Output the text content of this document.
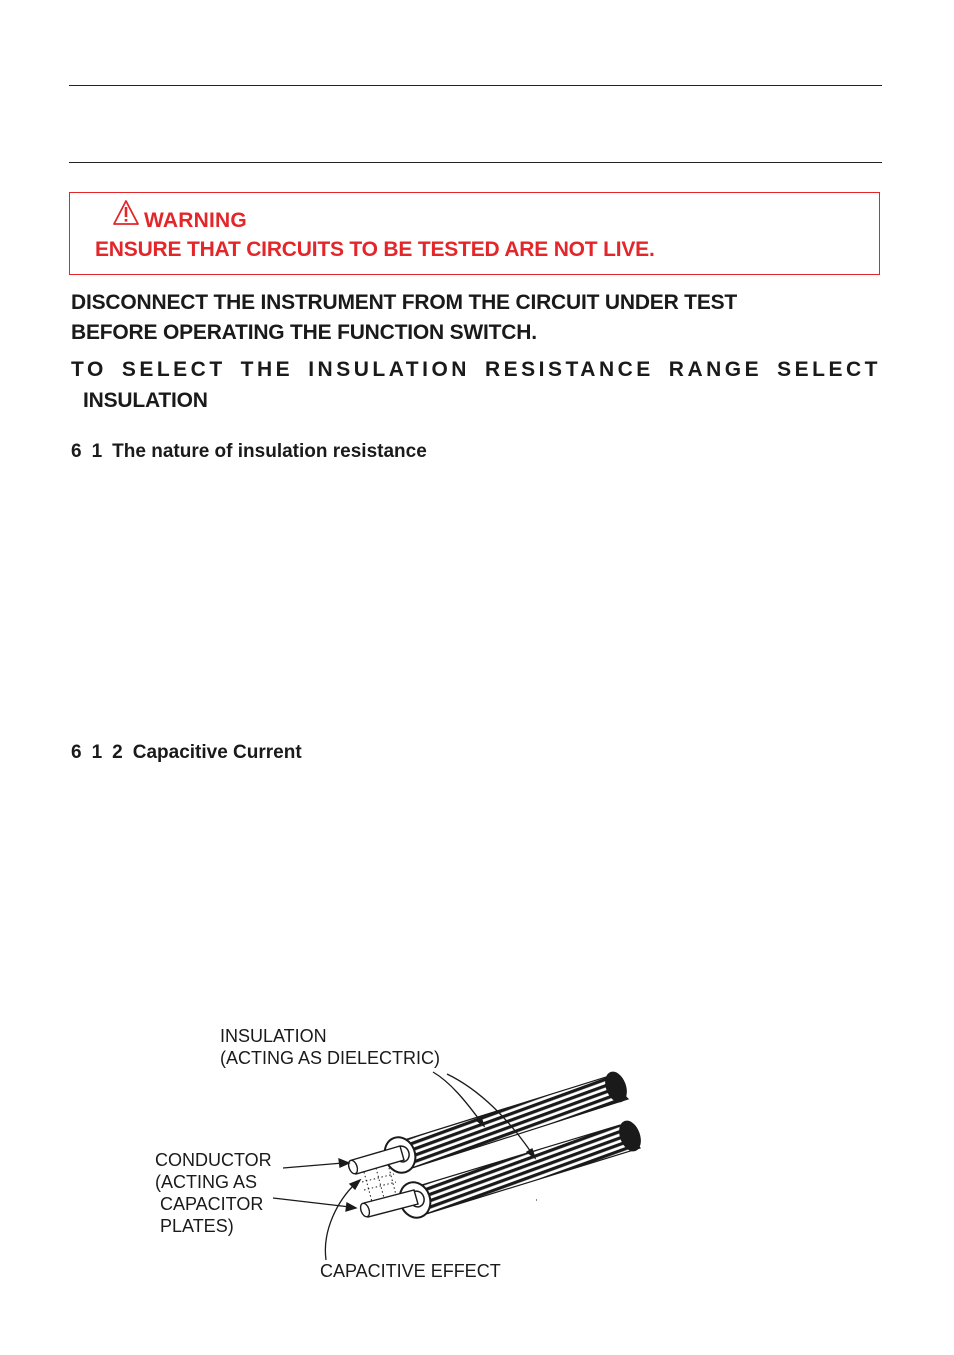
WARNING
ENSURE THAT CIRCUITS TO BE TESTED ARE NOT LIVE.
DISCONNECT THE INSTRUMENT FROM THE CIRCUIT UNDER TEST
BEFORE OPERATING THE FUNCTION SWITCH.
TO SELECT THE INSULATION RESISTANCE RANGE SELECT
INSULATION
6 1 The nature of insulation resistance
6 1 2 Capacitive Current
INSULATION
(ACTING AS DIELECTRIC)
CONDUCTOR
(ACTING AS
CAPACITOR
PLATES)
CAPACITIVE EFFECT
